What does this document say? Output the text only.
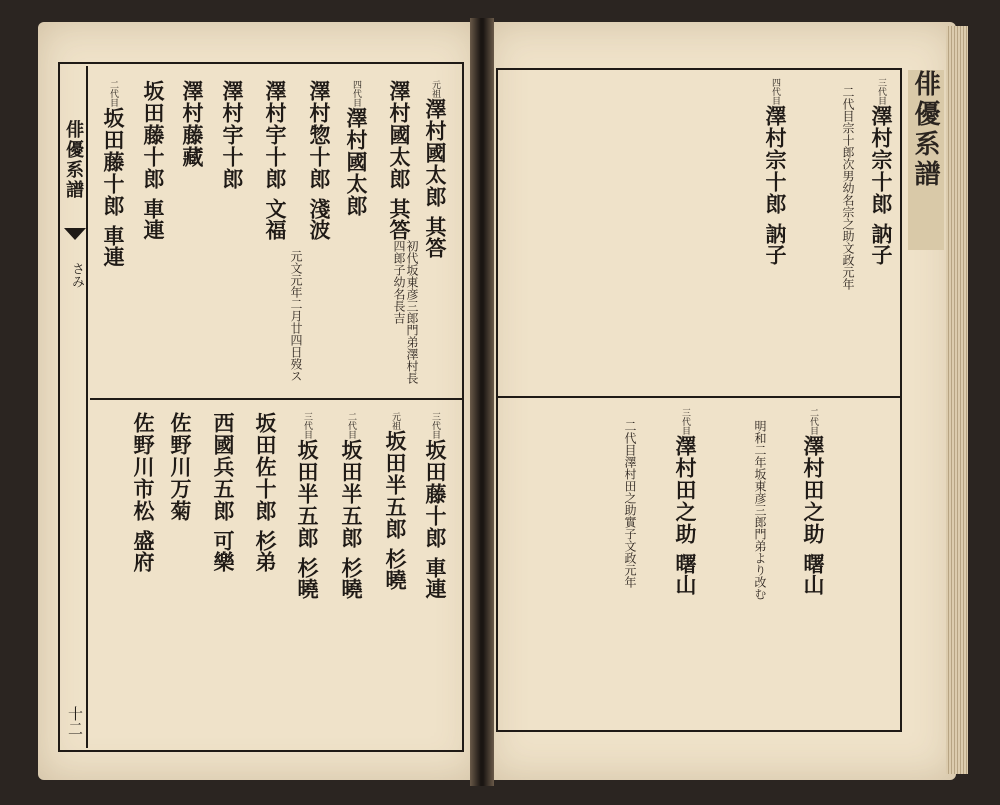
俳優系譜
さみ
十二
俳優系譜
元祖澤村國太郎其答
澤村國太郎其答
四代目澤村國太郎
澤村惣十郎淺波
澤村宇十郎文福
澤村宇十郎
澤村藤藏
坂田藤十郎車連
二代目坂田藤十郎車連	初代坂東彦三郎門弟澤村長四郎子幼名長吉
元文元年二月廿四日歿ス
三代目坂田藤十郎車連
元祖坂田半五郎杉曉
二代目坂田半五郎杉曉
三代目坂田半五郎杉曉
坂田佐十郎杉弟
西國兵五郎可樂
佐野川万菊
佐野川市松盛府
三代目澤村宗十郎訥子
四代目澤村宗十郎訥子	二代目宗十郎次男幼名宗之助文政元年
二代目澤村田之助曙山
三代目澤村田之助曙山	明和二年坂東彦三郎門弟より改む
二代目澤村田之助實子文政元年
